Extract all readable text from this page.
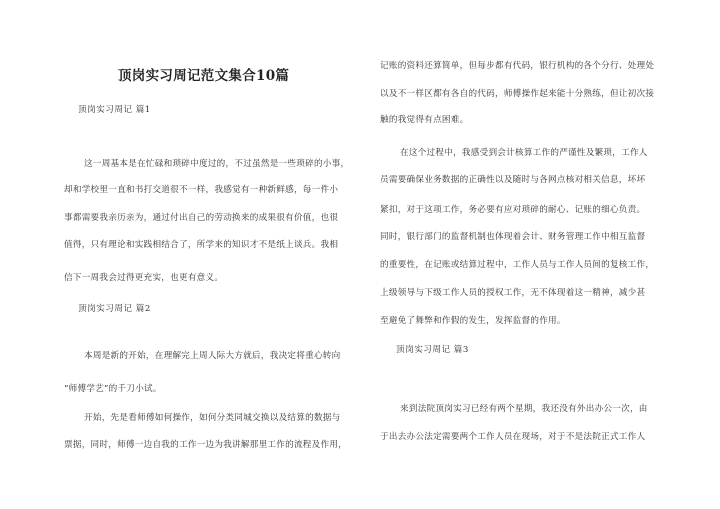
顶岗实习周记范文集合10篇
顶岗实习周记 篇1
这一周基本是在忙碌和琐碎中度过的，不过虽然是一些琐碎的小事，
却和学校里一直和书打交道很不一样，我感觉有一种新鲜感，每一件小
事都需要我亲历亲为，通过付出自己的劳动换来的成果很有价值，也很
值得，只有理论和实践相结合了，所学来的知识才不是纸上谈兵。我相
信下一周我会过得更充实，也更有意义。
顶岗实习周记 篇2
本周是新的开始，在理解完上周人际大方就后，我决定将重心转向
“师傅学艺”的千刀小试。
开始，先是看师傅如何操作，如何分类同城交换以及结算的数据与
票据，同时，师傅一边自我的工作一边为我讲解那里工作的流程及作用，
记账的资料还算简单，但每步都有代码，银行机构的各个分行、处理处
以及不一样区都有各自的代码，师傅操作起来能十分熟练，但让初次接
触的我觉得有点困难。
在这个过程中，我感受到会计核算工作的严谨性及繁琐，工作人
员需要确保业务数据的正确性以及随时与各网点核对相关信息，坏坏
紧扣，对于这项工作，务必要有应对琐碎的耐心、记账的细心负责。
同时，银行部门的监督机制也体现着会计、财务管理工作中相互监督
的重要性，在记账或结算过程中，工作人员与工作人员间的复核工作，
上级领导与下级工作人员的授权工作，无不体现着这一精神，减少甚
至避免了舞弊和作假的发生，发挥监督的作用。
顶岗实习周记 篇3
来到法院顶岗实习已经有两个星期，我还没有外出办公一次，由
于出去办公法定需要两个工作人员在现场，对于不是法院正式工作人
